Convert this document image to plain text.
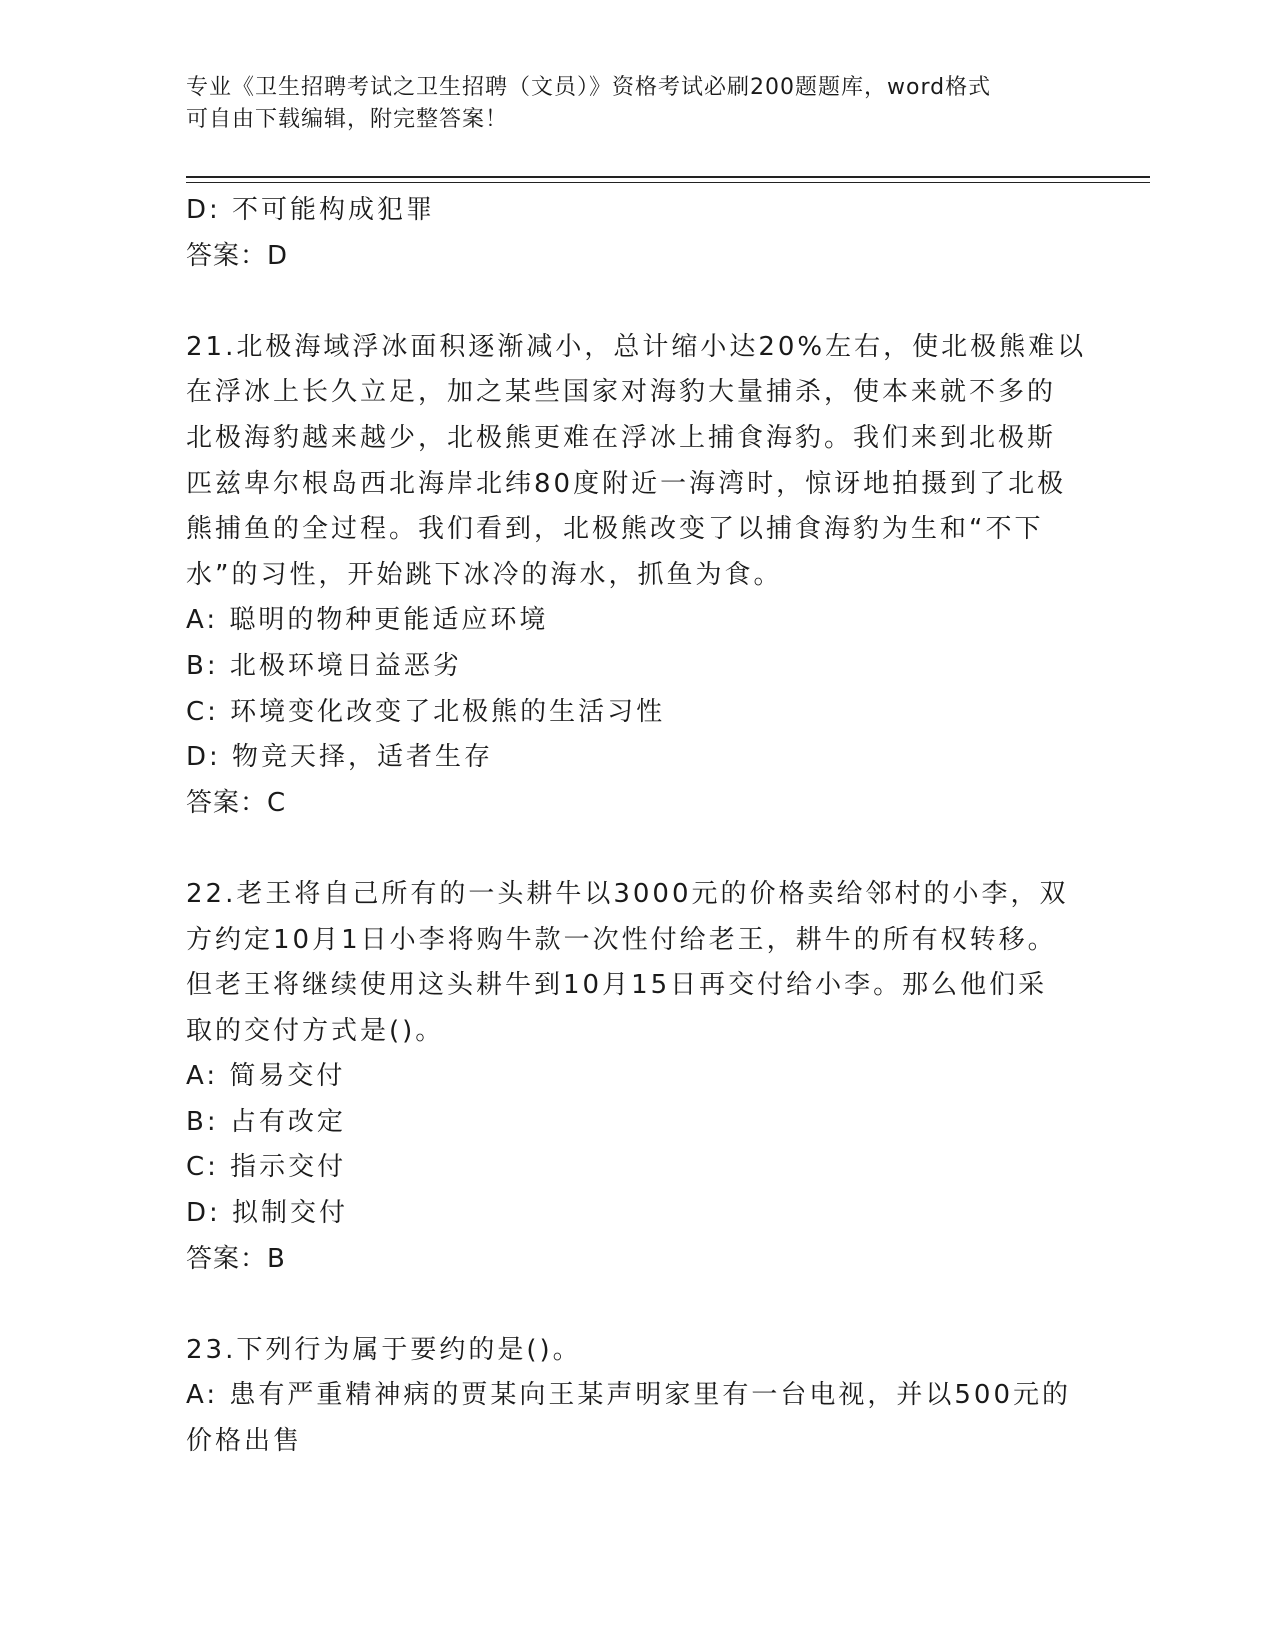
专业《卫生招聘考试之卫生招聘（文员）》资格考试必刷200题题库，word格式
可自由下载编辑，附完整答案！
D: 不可能构成犯罪
答案：D
21.北极海域浮冰面积逐渐减小，总计缩小达20%左右，使北极熊难以
在浮冰上长久立足，加之某些国家对海豹大量捕杀，使本来就不多的
北极海豹越来越少，北极熊更难在浮冰上捕食海豹。我们来到北极斯
匹兹卑尔根岛西北海岸北纬80度附近一海湾时，惊讶地拍摄到了北极
熊捕鱼的全过程。我们看到，北极熊改变了以捕食海豹为生和“不下
水”的习性，开始跳下冰冷的海水，抓鱼为食。
A: 聪明的物种更能适应环境
B: 北极环境日益恶劣
C: 环境变化改变了北极熊的生活习性
D: 物竞天择，适者生存
答案：C
22.老王将自己所有的一头耕牛以3000元的价格卖给邻村的小李，双
方约定10月1日小李将购牛款一次性付给老王，耕牛的所有权转移。
但老王将继续使用这头耕牛到10月15日再交付给小李。那么他们采
取的交付方式是()。
A: 简易交付
B: 占有改定
C: 指示交付
D: 拟制交付
答案：B
23.下列行为属于要约的是()。
A: 患有严重精神病的贾某向王某声明家里有一台电视，并以500元的
价格出售
